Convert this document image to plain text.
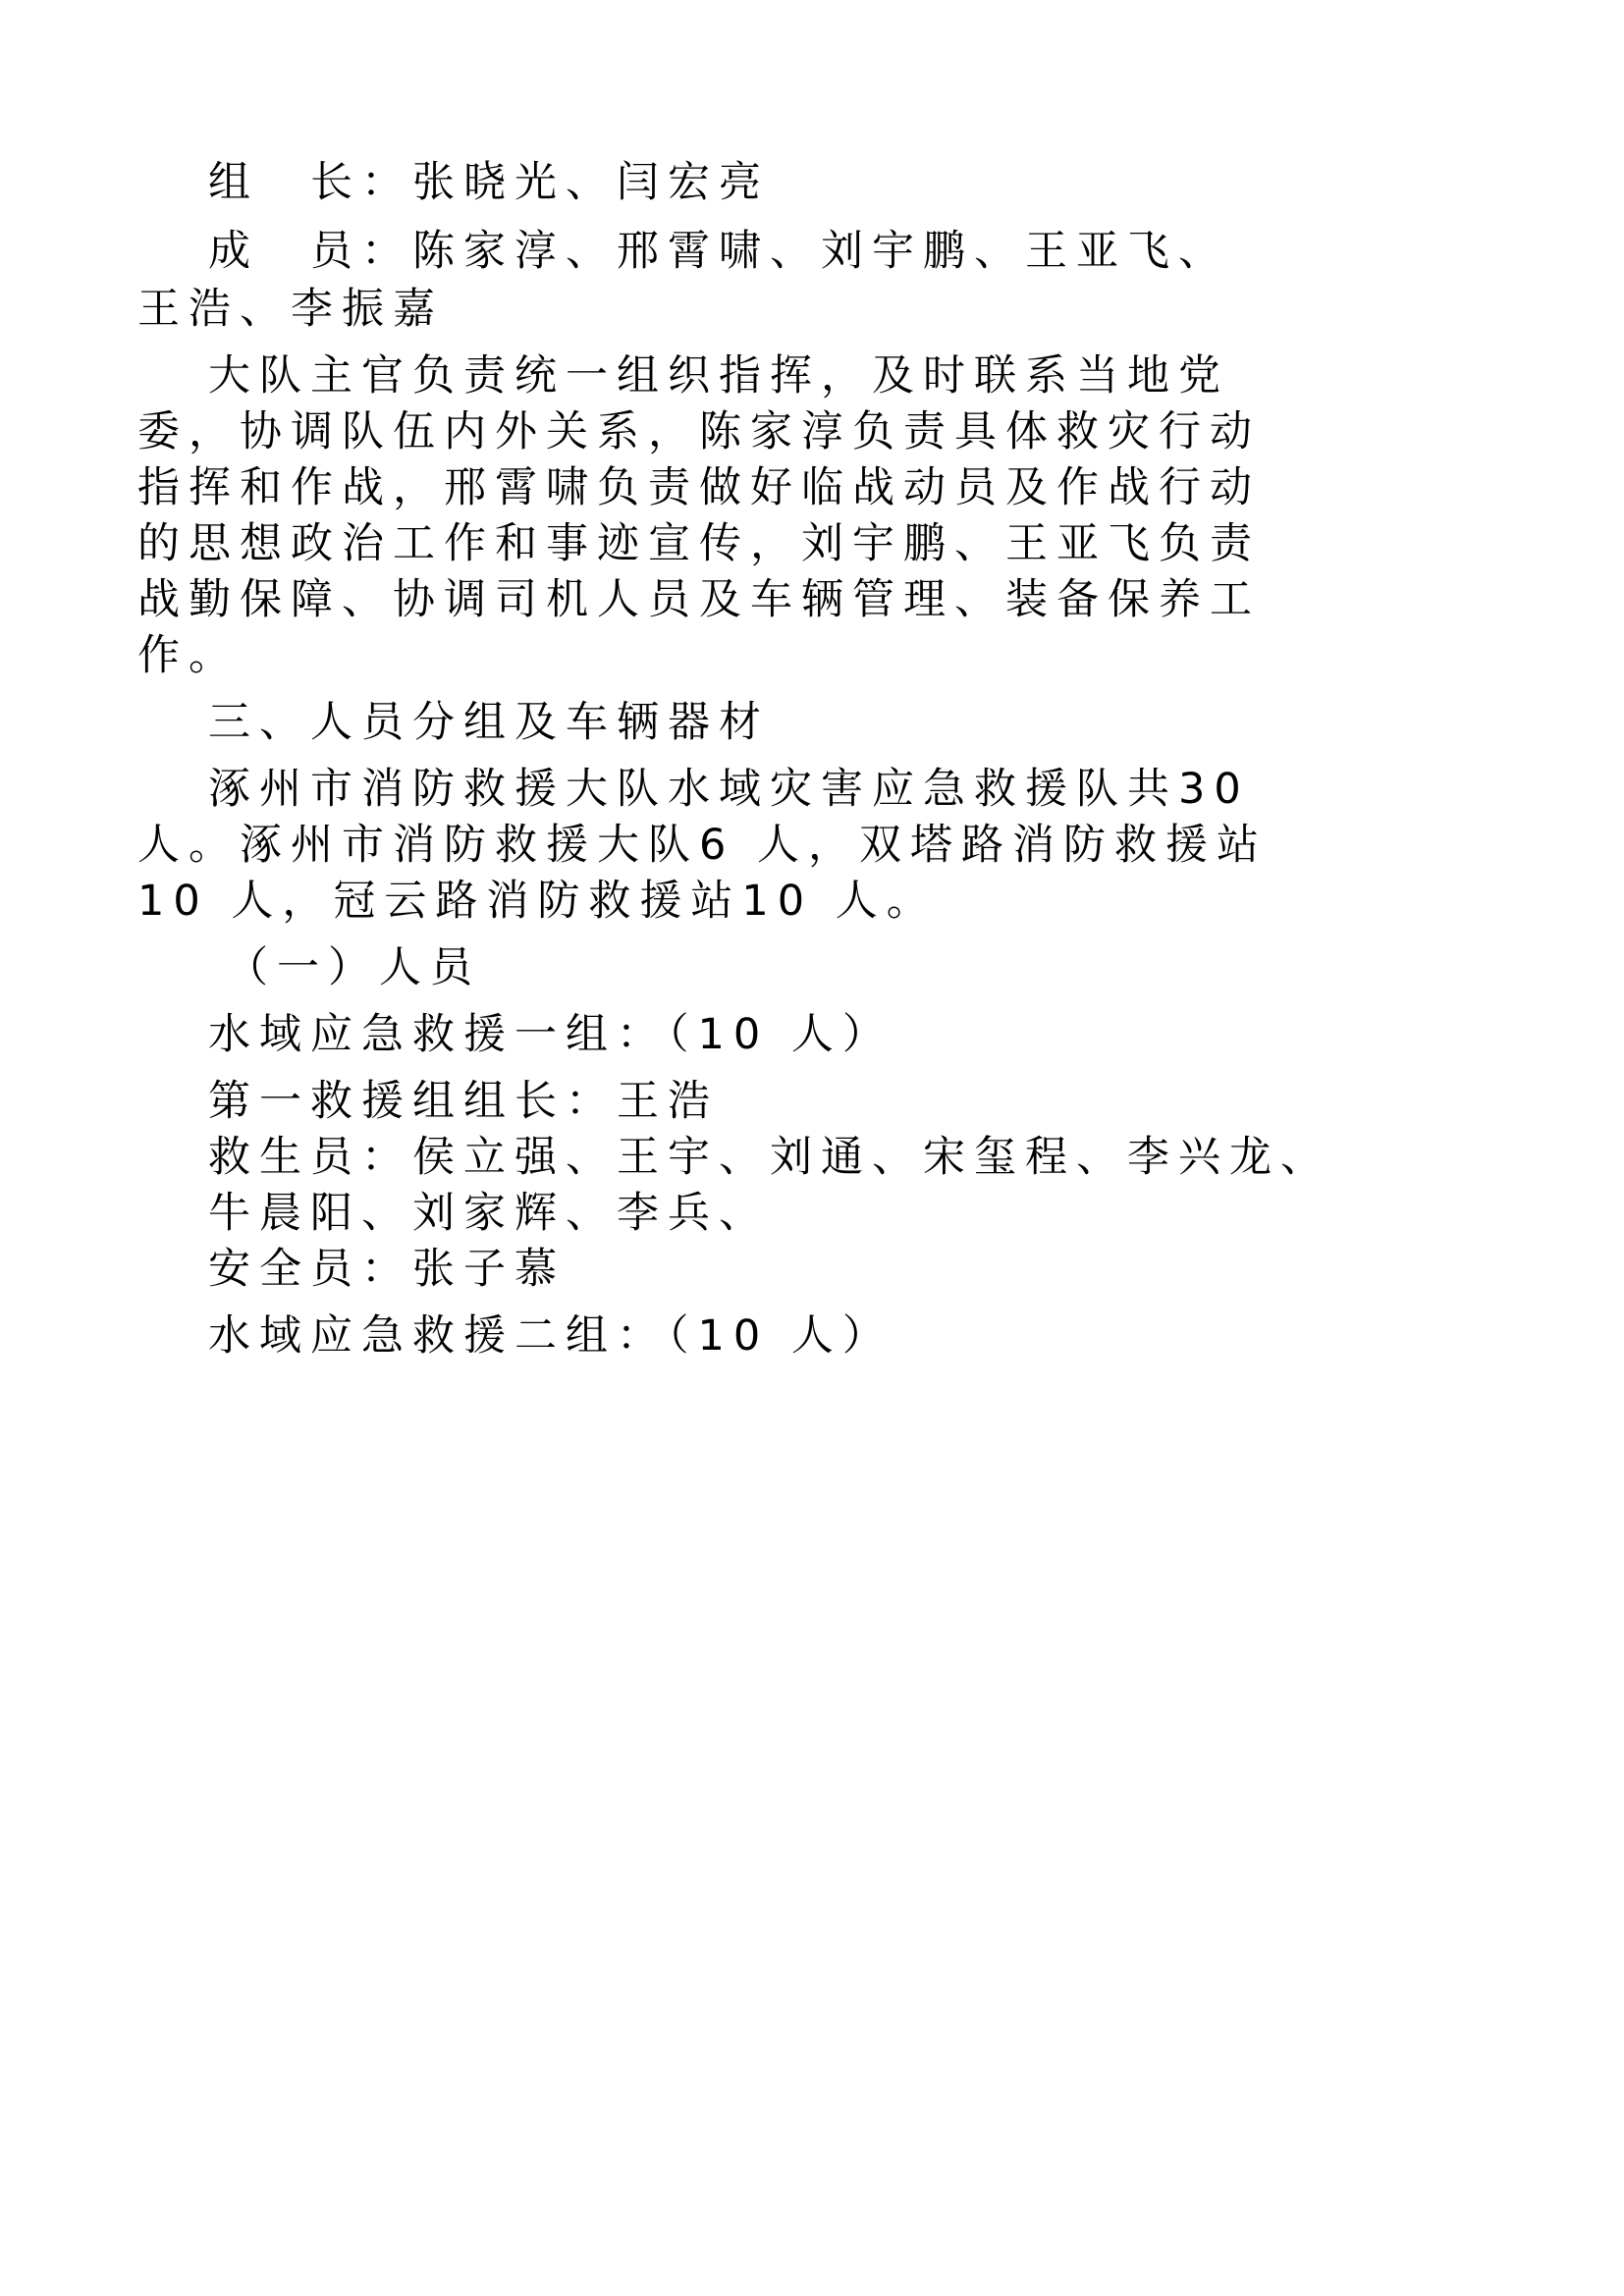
组　长：张晓光、闫宏亮

成　员：陈家淳、邢霄啸、刘宇鹏、王亚飞、

王浩、李振嘉

大队主官负责统一组织指挥，及时联系当地党

委，协调队伍内外关系，陈家淳负责具体救灾行动

指挥和作战，邢霄啸负责做好临战动员及作战行动

的思想政治工作和事迹宣传，刘宇鹏、王亚飞负责

战勤保障、协调司机人员及车辆管理、装备保养工

作。

三、人员分组及车辆器材

涿州市消防救援大队水域灾害应急救援队共30

人。涿州市消防救援大队6 人，双塔路消防救援站

10 人，冠云路消防救援站10 人。

（一）人员

水域应急救援一组：（10 人）

第一救援组组长：王浩

救生员：侯立强、王宇、刘通、宋玺程、李兴龙、

牛晨阳、刘家辉、李兵、

安全员：张子慕

水域应急救援二组：（10 人）
